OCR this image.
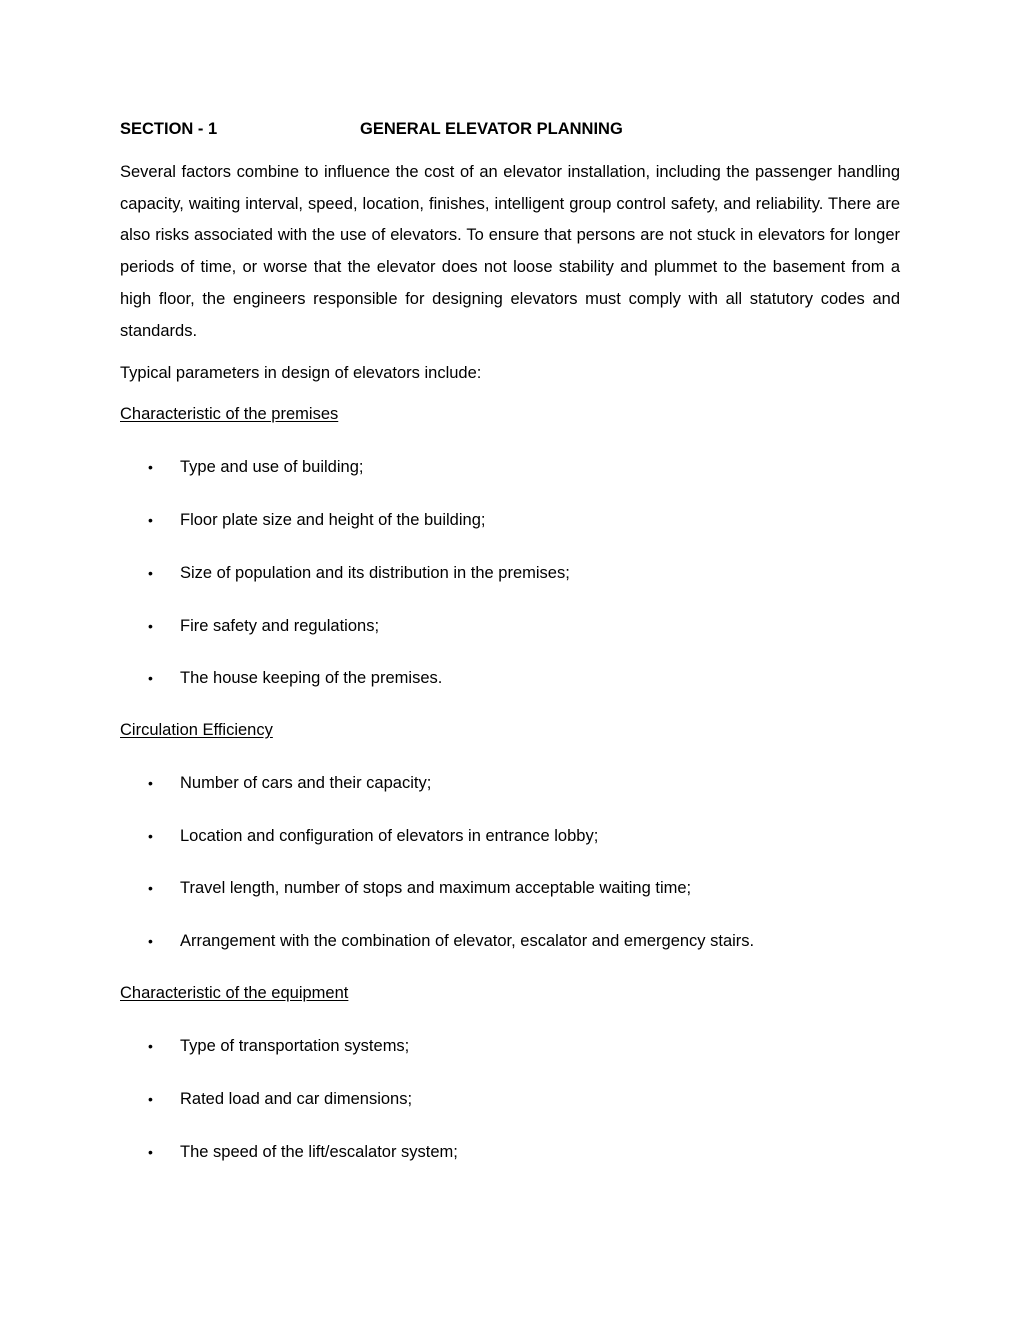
SECTION - 1	GENERAL ELEVATOR PLANNING

Several factors combine to influence the cost of an elevator installation, including the passenger handling capacity, waiting interval, speed, location, finishes, intelligent group control safety, and reliability. There are also risks associated with the use of elevators. To ensure that persons are not stuck in elevators for longer periods of time, or worse that the elevator does not loose stability and plummet to the basement from a high floor, the engineers responsible for designing elevators must comply with all statutory codes and standards.

Typical parameters in design of elevators include:

Characteristic of the premises

• Type and use of building;
• Floor plate size and height of the building;
• Size of population and its distribution in the premises;
• Fire safety and regulations;
• The house keeping of the premises.

Circulation Efficiency

• Number of cars and their capacity;
• Location and configuration of elevators in entrance lobby;
• Travel length, number of stops and maximum acceptable waiting time;
• Arrangement with the combination of elevator, escalator and emergency stairs.

Characteristic of the equipment

• Type of transportation systems;
• Rated load and car dimensions;
• The speed of the lift/escalator system;
